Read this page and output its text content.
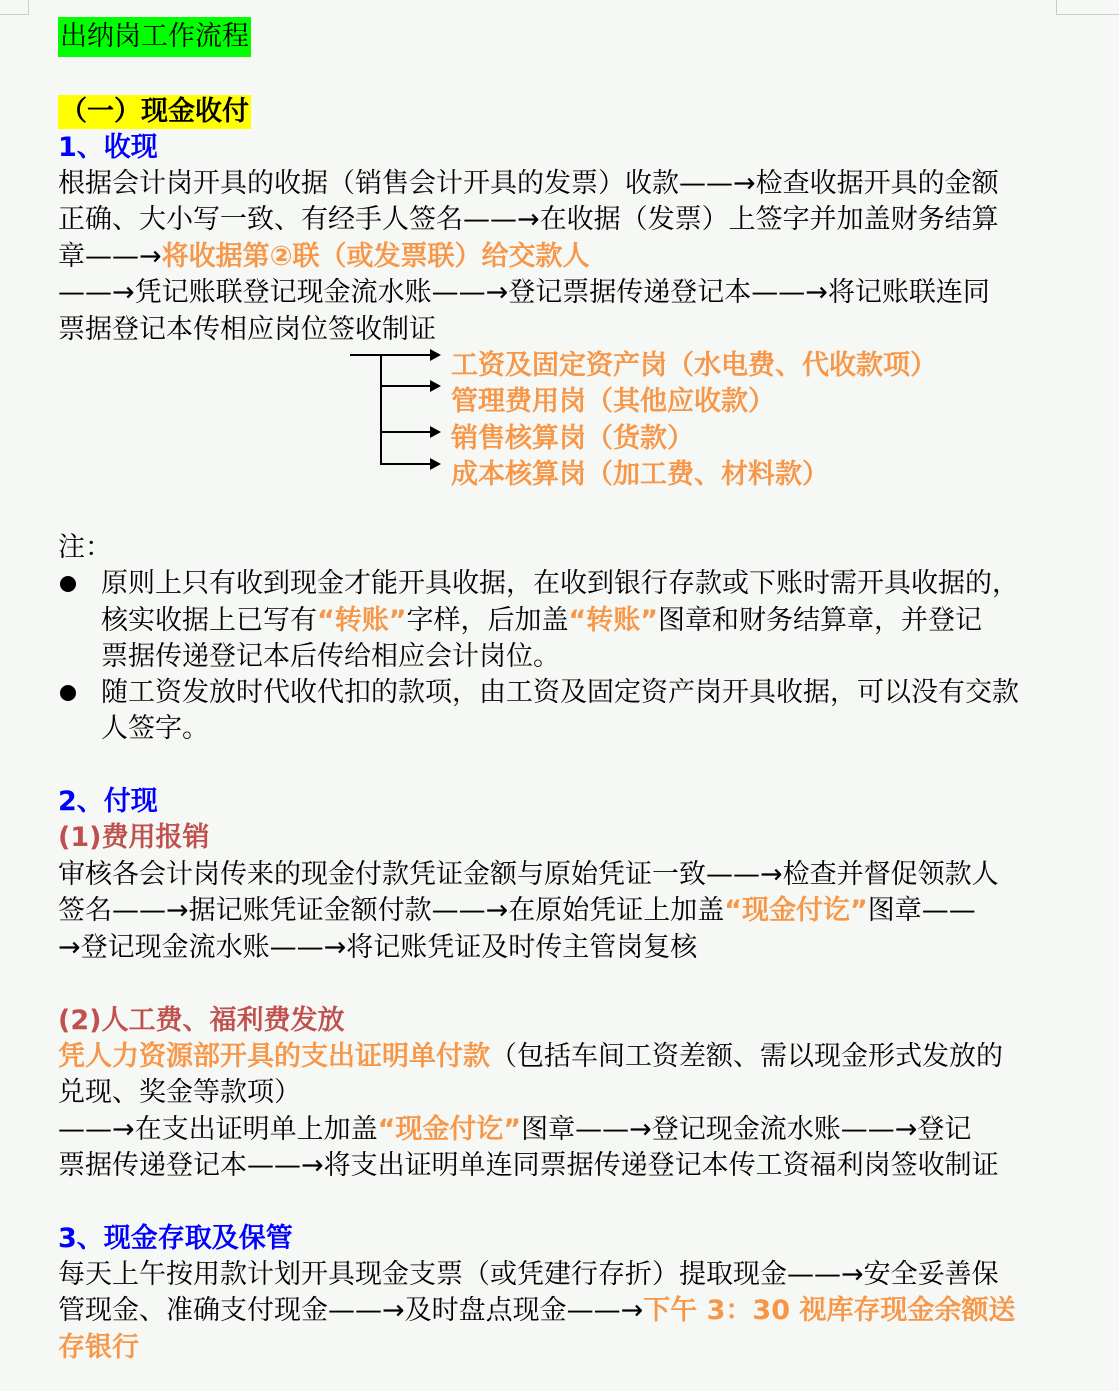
出纳岗工作流程
（一）现金收付
1、收现
根据会计岗开具的收据（销售会计开具的发票）收款——→检查收据开具的金额
正确、大小写一致、有经手人签名——→在收据（发票）上签字并加盖财务结算
章——→将收据第②联（或发票联）给交款人
——→凭记账联登记现金流水账——→登记票据传递登记本——→将记账联连同
票据登记本传相应岗位签收制证
工资及固定资产岗（水电费、代收款项）
管理费用岗（其他应收款）
销售核算岗（货款）
成本核算岗（加工费、材料款）
注：
原则上只有收到现金才能开具收据，在收到银行存款或下账时需开具收据的，
核实收据上已写有“转账”字样，后加盖“转账”图章和财务结算章，并登记
票据传递登记本后传给相应会计岗位。
随工资发放时代收代扣的款项，由工资及固定资产岗开具收据，可以没有交款
人签字。
2、付现
(1)费用报销
审核各会计岗传来的现金付款凭证金额与原始凭证一致——→检查并督促领款人
签名——→据记账凭证金额付款——→在原始凭证上加盖“现金付讫”图章——
→登记现金流水账——→将记账凭证及时传主管岗复核
(2)人工费、福利费发放
凭人力资源部开具的支出证明单付款（包括车间工资差额、需以现金形式发放的
兑现、奖金等款项）
——→在支出证明单上加盖“现金付讫”图章——→登记现金流水账——→登记
票据传递登记本——→将支出证明单连同票据传递登记本传工资福利岗签收制证
3、现金存取及保管
每天上午按用款计划开具现金支票（或凭建行存折）提取现金——→安全妥善保
管现金、准确支付现金——→及时盘点现金——→下午 3：30 视库存现金余额送
存银行
